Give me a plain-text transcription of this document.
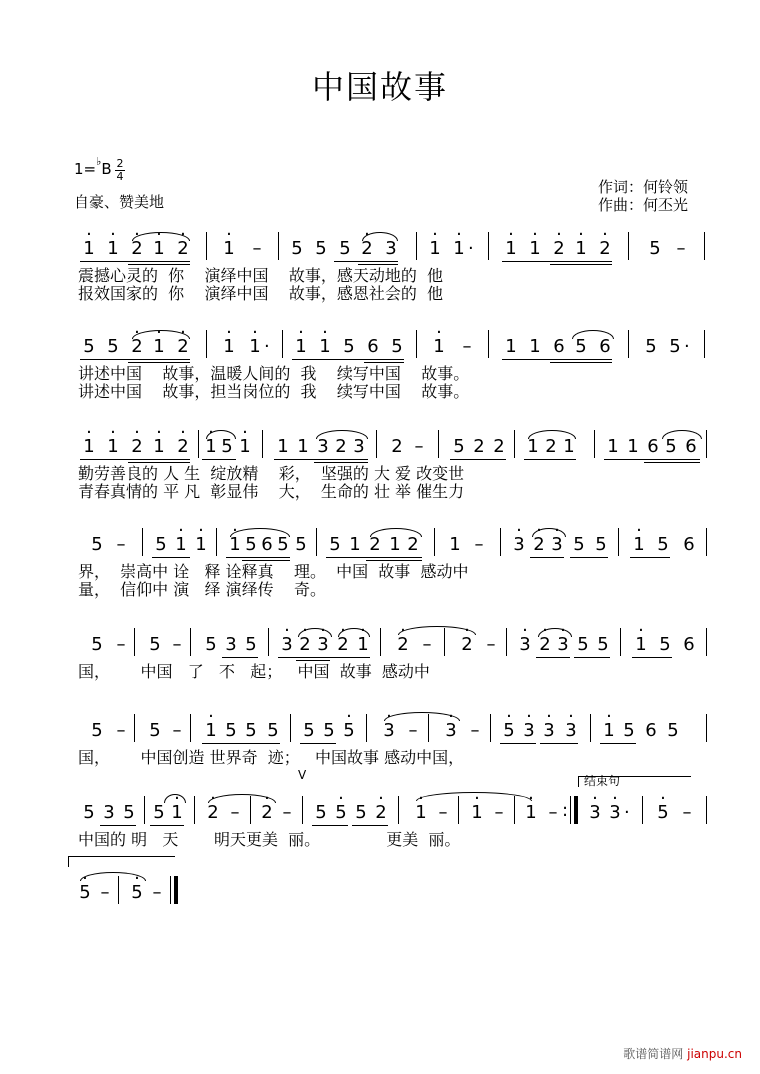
中国故事
$1=^♭B \frac{2}{4}$
自豪、赞美地
作词：何铃领
作曲：何丕光
· 1 · 1 · 2 · 1 · 2 · 1 – 5 5 5 · 2 3 · 1 · 1 · · 1 · 1 · 2 · 1 · 2 5 –
震撼心灵的  你    演绎中国    故事，感天动地的  他
报效国家的  你    演绎中国    故事，感恩社会的  他
5 5 · 2 · 1 · 2 · 1 · 1 · · 1 · 1 5 6 5 · 1 – 1 1 6 5 6 5 5 ·
讲述中国    故事，温暖人间的  我    续写中国    故事。
讲述中国    故事，担当岗位的  我    续写中国    故事。
· 1 · 1 · 2 · 1 · 2 · 1 5 · 1 1 1 3 2 3 2 – 5 2 2 1 2 1 1 1 6 5 6
勤劳善良的 人 生  绽放精    彩，  坚强的 大 爱 改变世
青春真情的 平 凡  彰显伟    大，  生命的 壮 举 催生力
5 – 5 · 1 · 1 · 1 5 6 5 5 5 1 2 1 2 1 – · 3 · 2 · 3 5 5 · 1 5 6
界，  崇高中 诠   释 诠释真    理。  中国  故事  感动中
量，  信仰中 演   绎 演绎传    奇。
5 – 5 – 5 3 5 · 3 · 2 · 3 · 2 · 1 · 2 – · 2 – · 3 · 2 · 3 5 5 · 1 5 6
国，      中国   了   不   起；   中国  故事  感动中
5 – 5 – · 1 5 5 5 5 5 · 5 · 3 – · 3 – · 5 · 3 · 3 · 3 · 1 5 6 5
国，      中国创造 世界奇  迹；   中国故事 感动中国，
V	结束句
5 3 5 5 · 1 · 2 – · 2 – 5 · 5 5 · 2 · 1 – · 1 – · 1 – : · 3 · 3 · · 5 –
中国的 明   天       明天更美  丽。             更美  丽。
· 5 – · 5 –
歌谱简谱网 jianpu.cn
